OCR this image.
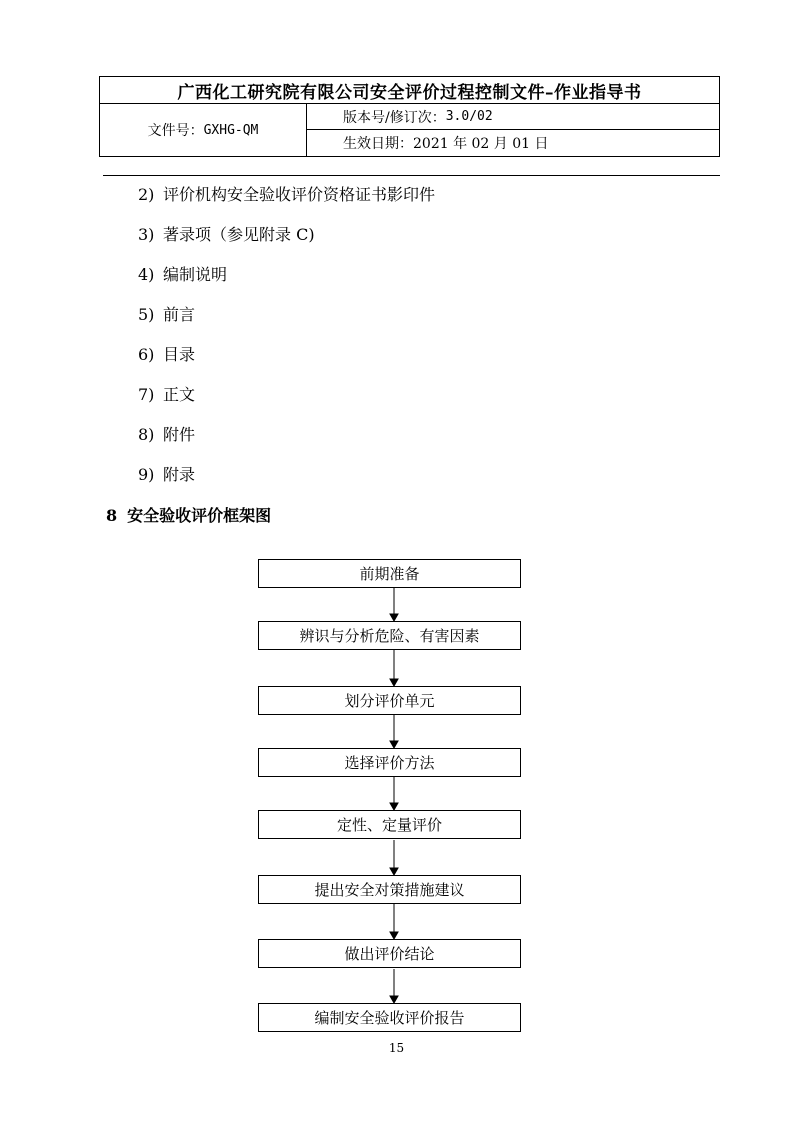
广西化工研究院有限公司安全评价过程控制文件–作业指导书
文件号： GXHG-QM
版本号/修订次： 3.0/02
生效日期： 2021 年 02 月 01 日
2) 评价机构安全验收评价资格证书影印件
3) 著录项（参见附录 C)
4) 编制说明
5) 前言
6) 目录
7) 正文
8) 附件
9) 附录
8 安全验收评价框架图
前期准备
辨识与分析危险、有害因素
划分评价单元
选择评价方法
定性、定量评价
提出安全对策措施建议
做出评价结论
编制安全验收评价报告
15
